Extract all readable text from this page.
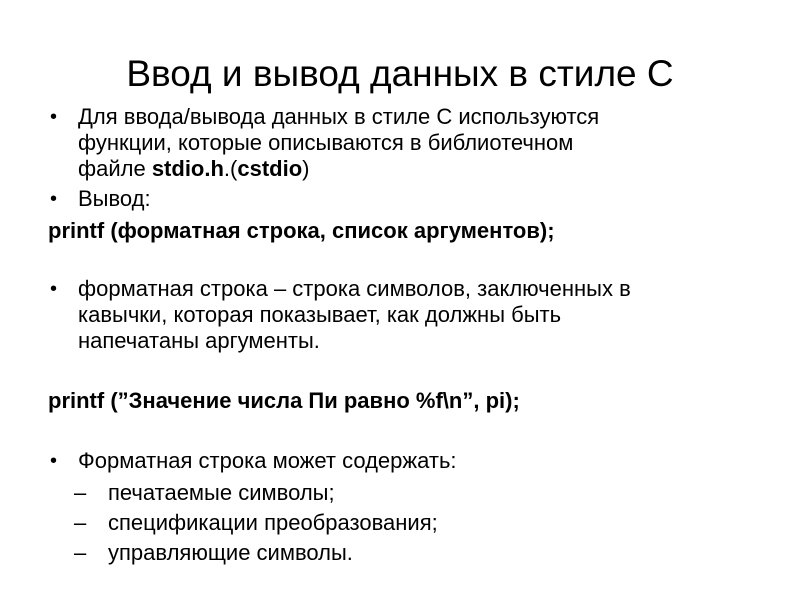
Ввод и вывод данных в стиле С
• Для ввода/вывода данных в стиле С используются
функции, которые описываются в библиотечном
файле stdio.h.(cstdio)
• Вывод:
printf (форматная строка, список аргументов);
• форматная строка – строка символов, заключенных в
кавычки, которая показывает, как должны быть
напечатаны аргументы.
printf (”Значение числа Пи равно %f\n”, pi);
• Форматная строка может содержать:
– печатаемые символы;
– спецификации преобразования;
– управляющие символы.
